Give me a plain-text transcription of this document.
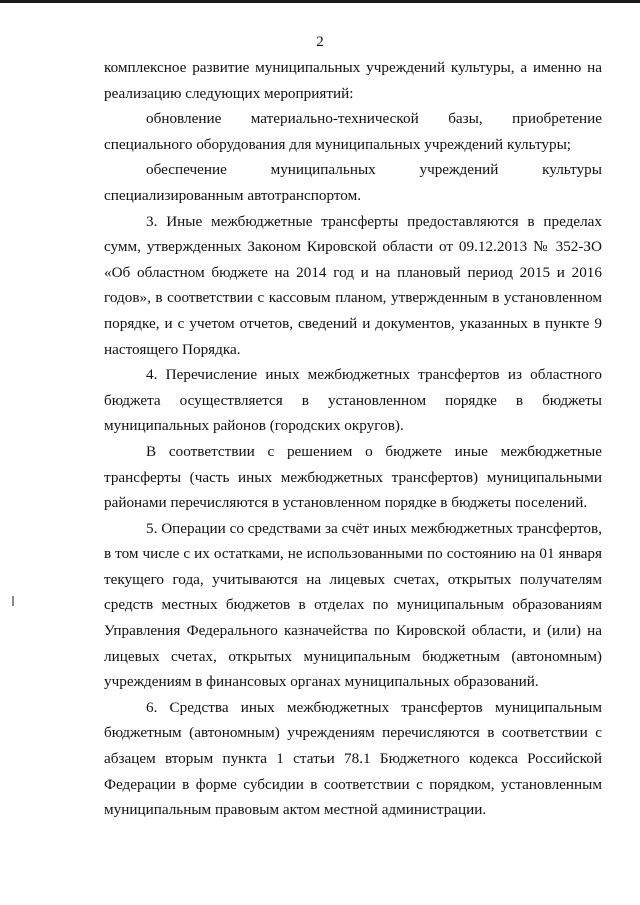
2

комплексное развитие муниципальных учреждений культуры, а именно на
реализацию следующих мероприятий:

обновление материально-технической базы, приобретение специального оборудования для муниципальных учреждений культуры;

обеспечение муниципальных учреждений культуры
специализированным автотранспортом.

3. Иные межбюджетные трансферты предоставляются в пределах сумм, утвержденных Законом Кировской области от 09.12.2013 № 352-ЗО «Об областном бюджете на 2014 год и на плановый период 2015 и 2016 годов», в соответствии с кассовым планом, утвержденным в установленном порядке, и с учетом отчетов, сведений и документов, указанных в пункте 9 настоящего Порядка.

4. Перечисление иных межбюджетных трансфертов из областного бюджета осуществляется в установленном порядке в бюджеты муниципальных районов (городских округов).

В соответствии с решением о бюджете иные межбюджетные трансферты (часть иных межбюджетных трансфертов) муниципальными районами перечисляются в установленном порядке в бюджеты поселений.

5. Операции со средствами за счёт иных межбюджетных трансфертов, в том числе с их остатками, не использованными по состоянию на 01 января текущего года, учитываются на лицевых счетах, открытых получателям средств местных бюджетов в отделах по муниципальным образованиям Управления Федерального казначейства по Кировской области, и (или) на лицевых счетах, открытых муниципальным бюджетным (автономным) учреждениям в финансовых органах муниципальных образований.

6. Средства иных межбюджетных трансфертов муниципальным бюджетным (автономным) учреждениям перечисляются в соответствии с абзацем вторым пункта 1 статьи 78.1 Бюджетного кодекса Российской Федерации в форме субсидии в соответствии с порядком, установленным муниципальным правовым актом местной администрации.
